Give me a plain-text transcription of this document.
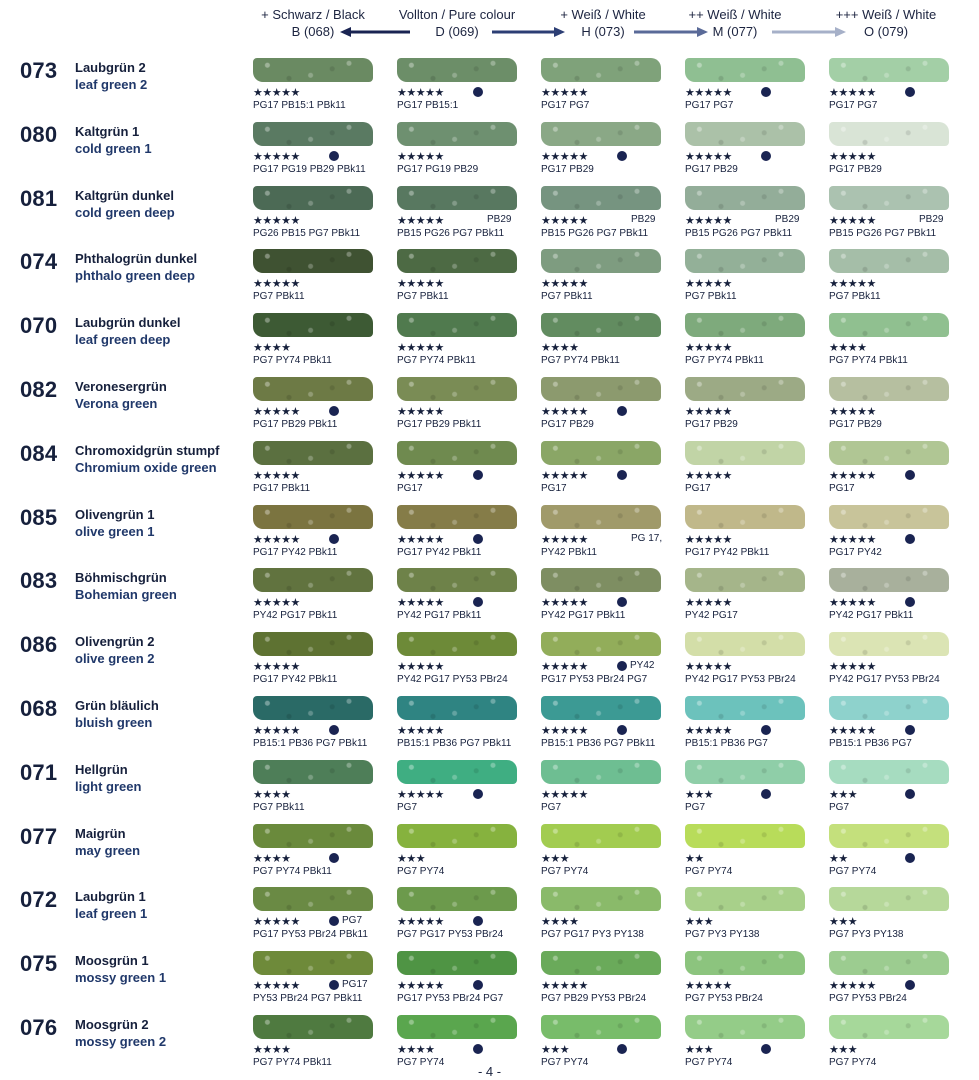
+ Schwarz / Black
B (068)
Vollton / Pure colour
D (069)
+ Weiß / White
H (073)
++ Weiß / White
M (077)
+++ Weiß / White
O (079)
073 Laubgrün 2
leaf green 2
★★★★★
PG17 PB15:1 PBk11
★★★★★
PG17 PB15:1
★★★★★
PG17 PG7
★★★★★
PG17 PG7
★★★★★
PG17 PG7
080 Kaltgrün 1
cold green 1
★★★★★
PG17 PG19 PB29 PBk11
★★★★★
PG17 PG19 PB29
★★★★★
PG17 PB29
★★★★★
PG17 PB29
★★★★★
PG17 PB29
081 Kaltgrün dunkel
cold green deep
★★★★★
PG26 PB15 PG7 PBk11
★★★★★	PB29
PB15 PG26 PG7 PBk11
★★★★★	PB29
PB15 PG26 PG7 PBk11
★★★★★	PB29
PB15 PG26 PG7 PBk11
★★★★★	PB29
PB15 PG26 PG7 PBk11
074 Phthalogrün dunkel
phthalo green deep
★★★★★
PG7 PBk11
★★★★★
PG7 PBk11
★★★★★
PG7 PBk11
★★★★★
PG7 PBk11
★★★★★
PG7 PBk11
070 Laubgrün dunkel
leaf green deep
★★★★
PG7 PY74 PBk11
★★★★★
PG7 PY74 PBk11
★★★★
PG7 PY74 PBk11
★★★★★
PG7 PY74 PBk11
★★★★
PG7 PY74 PBk11
082 Veronesergrün
Verona green
★★★★★
PG17 PB29 PBk11
★★★★★
PG17 PB29 PBk11
★★★★★
PG17 PB29
★★★★★
PG17 PB29
★★★★★
PG17 PB29
084 Chromoxidgrün stumpf
Chromium oxide green
★★★★★
PG17 PBk11
★★★★★
PG17
★★★★★
PG17
★★★★★
PG17
★★★★★
PG17
085 Olivengrün 1
olive green 1
★★★★★
PG17 PY42 PBk11
★★★★★
PG17 PY42 PBk11
★★★★★	PG 17,
PY42 PBk11
★★★★★
PG17 PY42 PBk11
★★★★★
PG17 PY42
083 Böhmischgrün
Bohemian green
★★★★★
PY42 PG17 PBk11
★★★★★
PY42 PG17 PBk11
★★★★★
PY42 PG17 PBk11
★★★★★
PY42 PG17
★★★★★
PY42 PG17 PBk11
086 Olivengrün 2
olive green 2
★★★★★
PG17 PY42 PBk11
★★★★★
PY42 PG17 PY53 PBr24
★★★★★	PY42
PG17 PY53 PBr24 PG7
★★★★★
PY42 PG17 PY53 PBr24
★★★★★
PY42 PG17 PY53 PBr24
068 Grün bläulich
bluish green
★★★★★
PB15:1 PB36 PG7 PBk11
★★★★★
PB15:1 PB36 PG7 PBk11
★★★★★
PB15:1 PB36 PG7 PBk11
★★★★★
PB15:1 PB36 PG7
★★★★★
PB15:1 PB36 PG7
071 Hellgrün
light green
★★★★
PG7 PBk11
★★★★★
PG7
★★★★★
PG7
★★★
PG7
★★★
PG7
077 Maigrün
may green
★★★★
PG7 PY74 PBk11
★★★
PG7 PY74
★★★
PG7 PY74
★★
PG7 PY74
★★
PG7 PY74
072 Laubgrün 1
leaf green 1
★★★★★	PG7
PG17 PY53 PBr24 PBk11
★★★★★
PG7 PG17 PY53 PBr24
★★★★
PG7 PG17 PY3 PY138
★★★
PG7 PY3 PY138
★★★
PG7 PY3 PY138
075 Moosgrün 1
mossy green 1
★★★★★	PG17
PY53 PBr24 PG7 PBk11
★★★★★
PG17 PY53 PBr24 PG7
★★★★★
PG7 PB29 PY53 PBr24
★★★★★
PG7 PY53 PBr24
★★★★★
PG7 PY53 PBr24
076 Moosgrün 2
mossy green 2
★★★★
PG7 PY74 PBk11
★★★★
PG7 PY74
★★★
PG7 PY74
★★★
PG7 PY74
★★★
PG7 PY74
- 4 -
